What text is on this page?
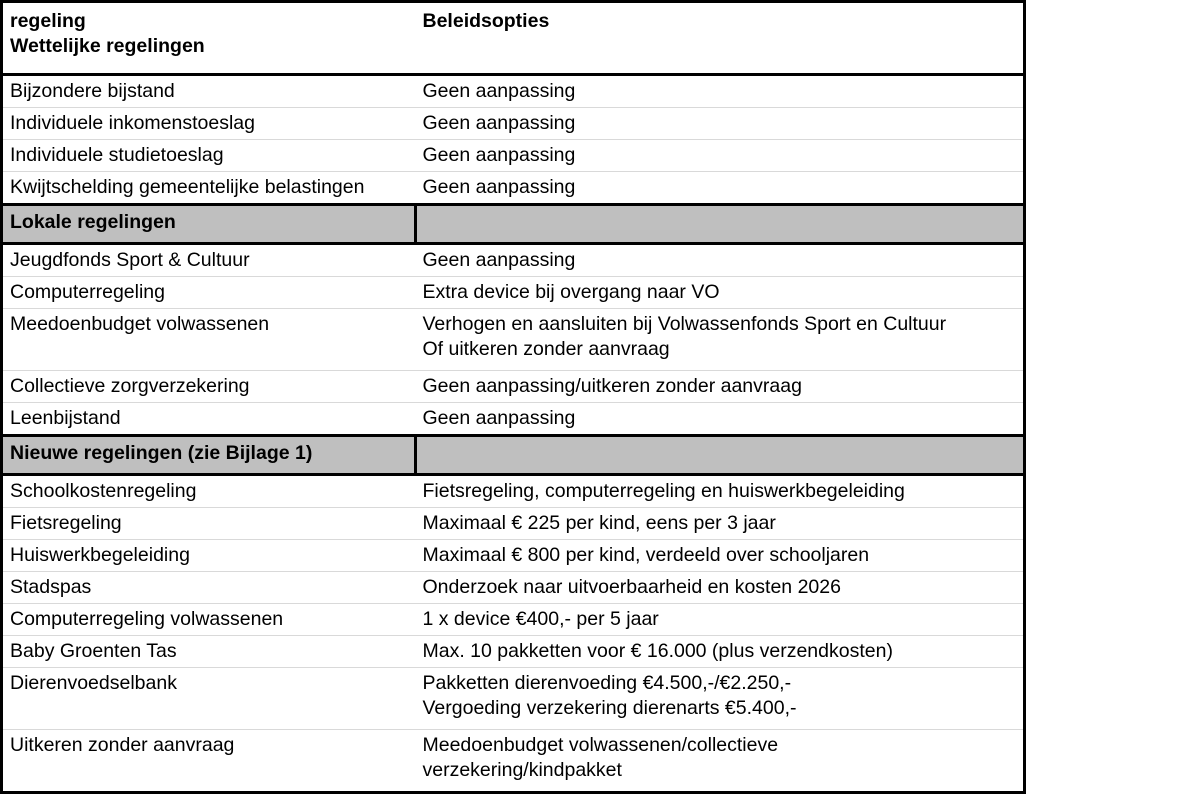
regeling
Wettelijke regelingen	Beleidsopties

Bijzondere bijstand	Geen aanpassing

Individuele inkomenstoeslag	Geen aanpassing

Individuele studietoeslag	Geen aanpassing

Kwijtschelding gemeentelijke belastingen	Geen aanpassing

Lokale regelingen	
Jeugdfonds Sport & Cultuur	Geen aanpassing

Computerregeling	Extra device bij overgang naar VO

Meedoenbudget volwassenen	Verhogen en aansluiten bij Volwassenfonds Sport en Cultuur
Of uitkeren zonder aanvraag

Collectieve zorgverzekering	Geen aanpassing/uitkeren zonder aanvraag

Leenbijstand	Geen aanpassing

Nieuwe regelingen (zie Bijlage 1)	
Schoolkostenregeling	Fietsregeling, computerregeling en huiswerkbegeleiding

Fietsregeling	Maximaal € 225 per kind, eens per 3 jaar

Huiswerkbegeleiding	Maximaal € 800 per kind, verdeeld over schooljaren

Stadspas	Onderzoek naar uitvoerbaarheid en kosten 2026

Computerregeling volwassenen	1 x device €400,- per 5 jaar

Baby Groenten Tas	Max. 10 pakketten voor € 16.000 (plus verzendkosten)

Dierenvoedselbank	Pakketten dierenvoeding €4.500,-/€2.250,-
Vergoeding verzekering dierenarts €5.400,-

Uitkeren zonder aanvraag	Meedoenbudget volwassenen/collectieve
verzekering/kindpakket
